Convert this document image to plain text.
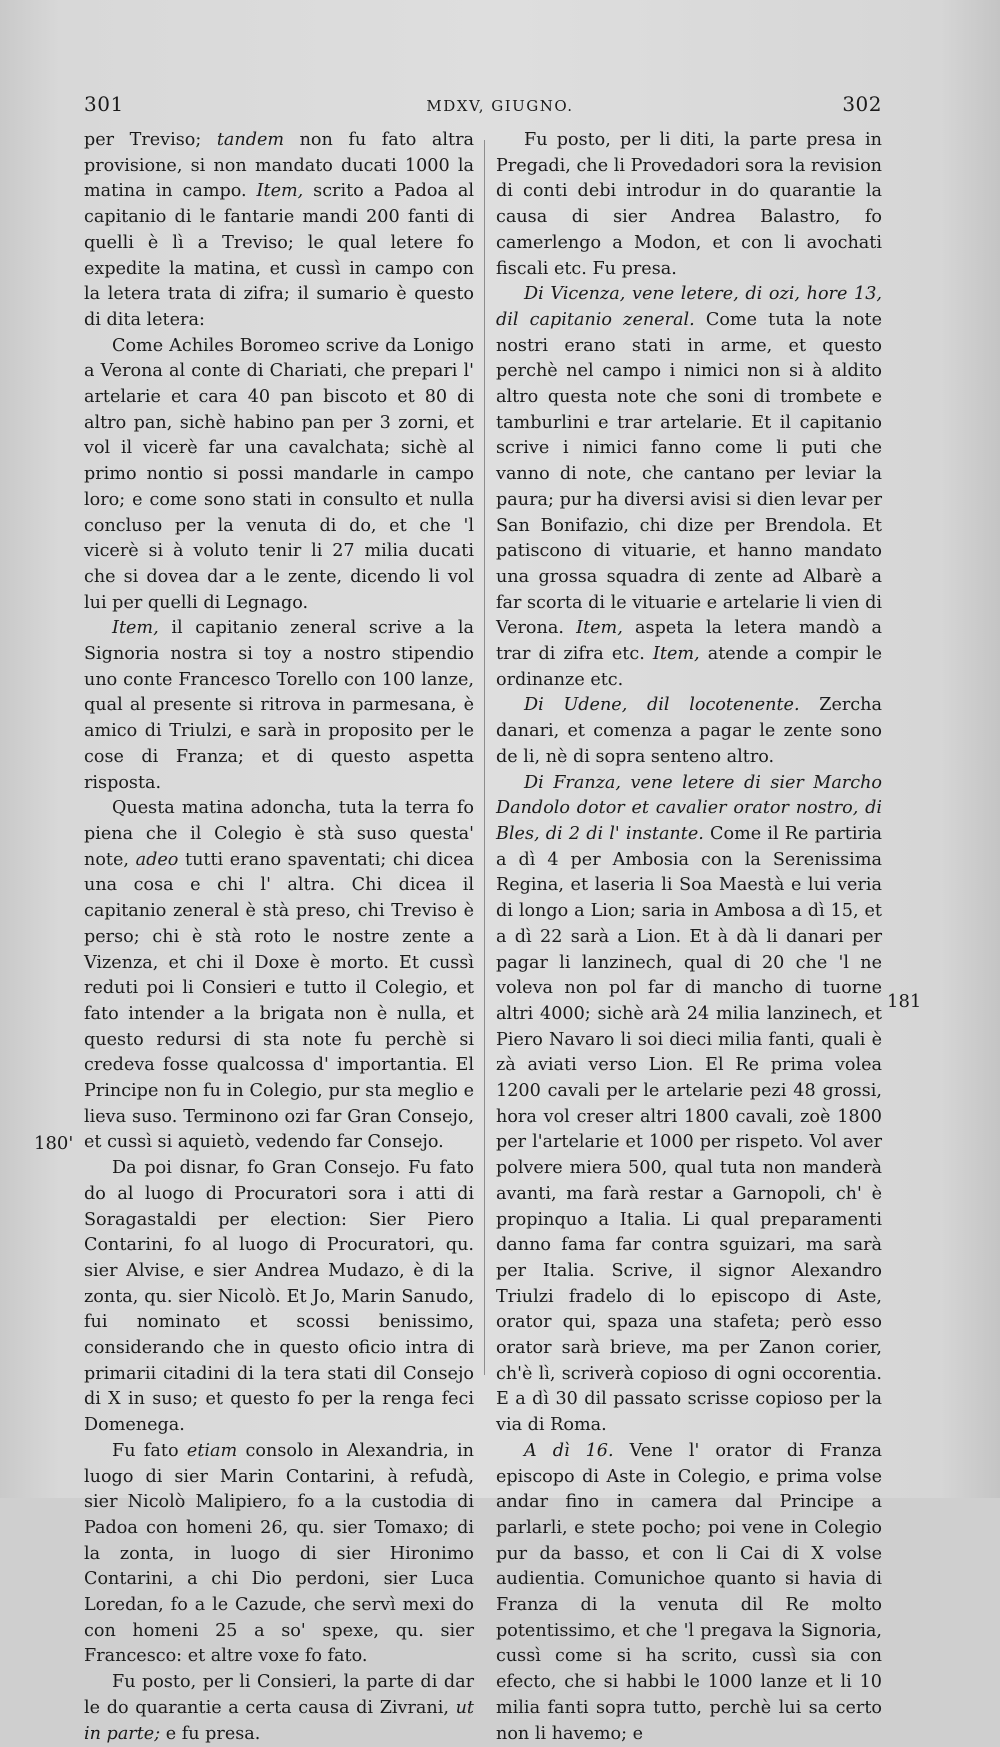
301	MDXV, GIUGNO.	302

per Treviso; tandem non fu fato altra provisione, si non mandato ducati 1000 la matina in campo. Item, scrito a Padoa al capitanio di le fantarie mandi 200 fanti di quelli è lì a Treviso; le qual letere fo expedite la matina, et cussì in campo con la letera trata di zifra; il sumario è questo di dita letera:

Come Achiles Boromeo scrive da Lonigo a Verona al conte di Chariati, che prepari l' artelarie et cara 40 pan biscoto et 80 di altro pan, sichè habino pan per 3 zorni, et vol il vicerè far una cavalchata; sichè al primo nontio si possi mandarle in campo loro; e come sono stati in consulto et nulla concluso per la venuta di do, et che 'l vicerè si à voluto tenir li 27 milia ducati che si dovea dar a le zente, dicendo li vol lui per quelli di Legnago.

Item, il capitanio zeneral scrive a la Signoria nostra si toy a nostro stipendio uno conte Francesco Torello con 100 lanze, qual al presente si ritrova in parmesana, è amico di Triulzi, e sarà in proposito per le cose di Franza; et di questo aspetta risposta.

Questa matina adoncha, tuta la terra fo piena che il Colegio è stà suso questa' note, adeo tutti erano spaventati; chi dicea una cosa e chi l' altra. Chi dicea il capitanio zeneral è stà preso, chi Treviso è perso; chi è stà roto le nostre zente a Vizenza, et chi il Doxe è morto. Et cussì reduti poi li Consieri e tutto il Colegio, et fato intender a la brigata non è nulla, et questo redursi di sta note fu perchè si credeva fosse qualcossa d' importantia. El Principe non fu in Colegio, pur sta meglio e lieva suso. Terminono ozi far Gran Consejo, et cussì si aquietò, vedendo far Consejo.

Da poi disnar, fo Gran Consejo. Fu fato do al luogo di Procuratori sora i atti di Soragastaldi per election: Sier Piero Contarini, fo al luogo di Procuratori, qu. sier Alvise, e sier Andrea Mudazo, è di la zonta, qu. sier Nicolò. Et Jo, Marin Sanudo, fui nominato et scossi benissimo, considerando che in questo oficio intra di primarii citadini di la tera stati dil Consejo di X in suso; et questo fo per la renga feci Domenega.

Fu fato etiam consolo in Alexandria, in luogo di sier Marin Contarini, à refudà, sier Nicolò Malipiero, fo a la custodia di Padoa con homeni 26, qu. sier Tomaxo; di la zonta, in luogo di sier Hironimo Contarini, a chi Dio perdoni, sier Luca Loredan, fo a le Cazude, che servì mexi do con homeni 25 a so' spexe, qu. sier Francesco: et altre voxe fo fato.

Fu posto, per li Consieri, la parte di dar le do quarantie a certa causa di Zivrani, ut in parte; e fu presa.

Fu posto, per li diti, la parte presa in Pregadi, che li Provedadori sora la revision di conti debi introdur in do quarantie la causa di sier Andrea Balastro, fo camerlengo a Modon, et con li avochati fiscali etc. Fu presa.

Di Vicenza, vene letere, di ozi, hore 13, dil capitanio zeneral. Come tuta la note nostri erano stati in arme, et questo perchè nel campo i nimici non si à aldito altro questa note che soni di trombete e tamburlini e trar artelarie. Et il capitanio scrive i nimici fanno come li puti che vanno di note, che cantano per leviar la paura; pur ha diversi avisi si dien levar per San Bonifazio, chi dize per Brendola. Et patiscono di vituarie, et hanno mandato una grossa squadra di zente ad Albarè a far scorta di le vituarie e artelarie li vien di Verona. Item, aspeta la letera mandò a trar di zifra etc. Item, atende a compir le ordinanze etc.

Di Udene, dil locotenente. Zercha danari, et comenza a pagar le zente sono de li, nè di sopra senteno altro.

Di Franza, vene letere di sier Marcho Dandolo dotor et cavalier orator nostro, di Bles, di 2 di l' instante. Come il Re partiria a dì 4 per Ambosia con la Serenissima Regina, et laseria li Soa Maestà e lui veria di longo a Lion; saria in Ambosa a dì 15, et a dì 22 sarà a Lion. Et à dà li danari per pagar li lanzinech, qual di 20 che 'l ne voleva non pol far di mancho di tuorne altri 4000; sichè arà 24 milia lanzinech, et Piero Navaro li soi dieci milia fanti, quali è zà aviati verso Lion. El Re prima volea 1200 cavali per le artelarie pezi 48 grossi, hora vol creser altri 1800 cavali, zoè 1800 per l'artelarie et 1000 per rispeto. Vol aver polvere miera 500, qual tuta non manderà avanti, ma farà restar a Garnopoli, ch' è propinquo a Italia. Li qual preparamenti danno fama far contra sguizari, ma sarà per Italia. Scrive, il signor Alexandro Triulzi fradelo di lo episcopo di Aste, orator qui, spaza una stafeta; però esso orator sarà brieve, ma per Zanon corier, ch'è lì, scriverà copioso di ogni occorentia. E a dì 30 dil passato scrisse copioso per la via di Roma.

A dì 16. Vene l' orator di Franza episcopo di Aste in Colegio, e prima volse andar fino in camera dal Principe a parlarli, e stete pocho; poi vene in Colegio pur da basso, et con li Cai di X volse audientia. Comunichoe quanto si havia di Franza di la venuta dil Re molto potentissimo, et che 'l pregava la Signoria, cussì come si ha scrito, cussì sia con efecto, che si habbi le 1000 lanze et li 10 milia fanti sopra tutto, perchè lui sa certo non li havemo; e

180'
181
